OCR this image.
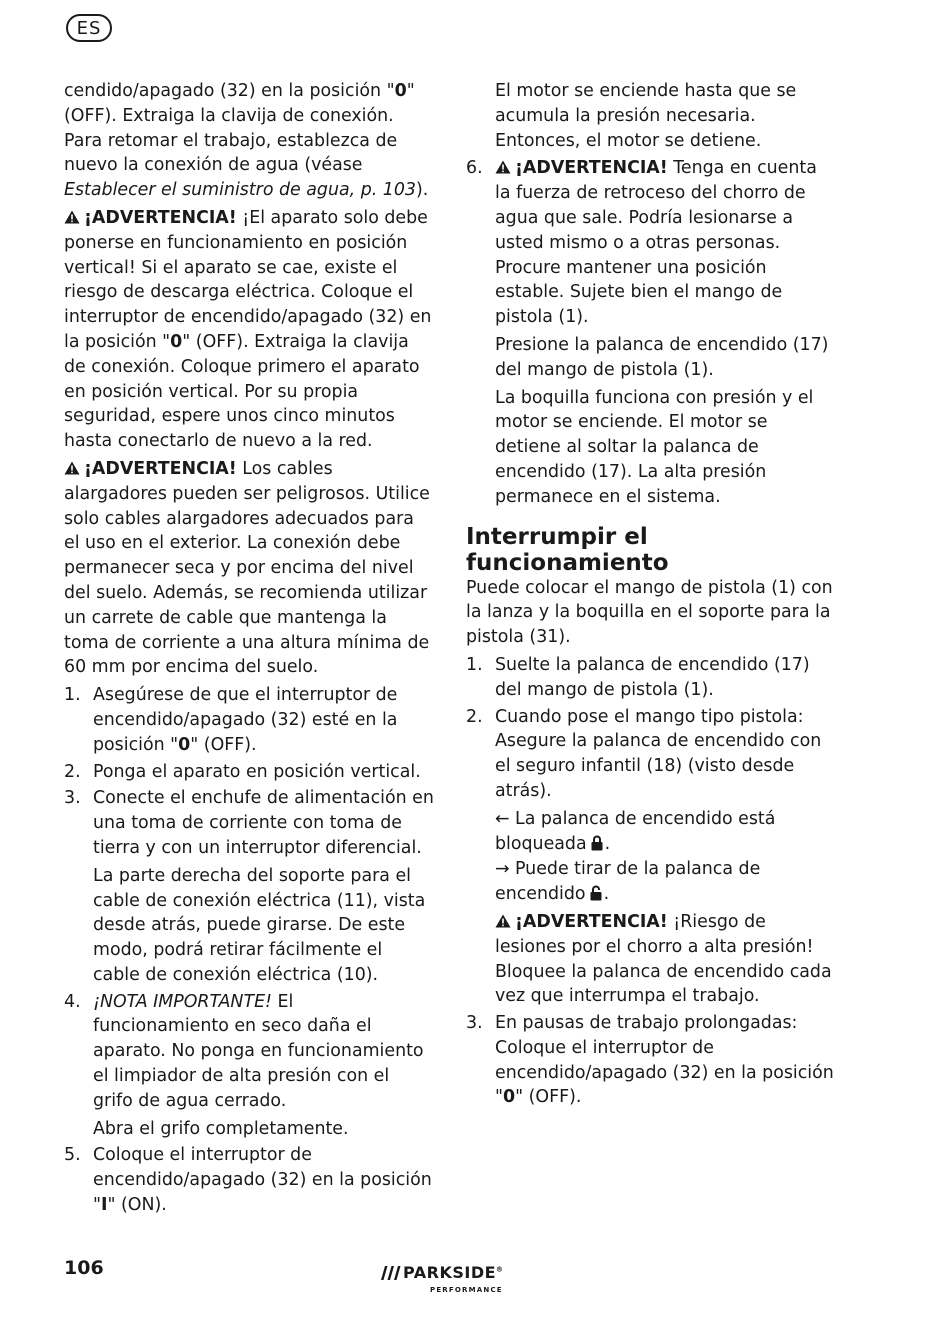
ES

cendido/apagado (32) en la posición "0" (OFF). Extraiga la clavija de conexión. Para retomar el trabajo, establezca de nuevo la conexión de agua (véase Establecer el suministro de agua, p. 103).

¡ADVERTENCIA! ¡El aparato solo debe ponerse en funcionamiento en posición vertical! Si el aparato se cae, existe el riesgo de descarga eléctrica. Coloque el interruptor de encendido/apagado (32) en la posición "0" (OFF). Extraiga la clavija de conexión. Coloque primero el aparato en posición vertical. Por su propia seguridad, espere unos cinco minutos hasta conectarlo de nuevo a la red.

¡ADVERTENCIA! Los cables alargadores pueden ser peligrosos. Utilice solo cables alargadores adecuados para el uso en el exterior. La conexión debe permanecer seca y por encima del nivel del suelo. Además, se recomienda utilizar un carrete de cable que mantenga la toma de corriente a una altura mínima de 60 mm por encima del suelo.

1. Asegúrese de que el interruptor de encendido/apagado (32) esté en la posición "0" (OFF).
2. Ponga el aparato en posición vertical.
3. Conecte el enchufe de alimentación en una toma de corriente con toma de tierra y con un interruptor diferencial.
La parte derecha del soporte para el cable de conexión eléctrica (11), vista desde atrás, puede girarse. De este modo, podrá retirar fácilmente el cable de conexión eléctrica (10).
4. ¡NOTA IMPORTANTE! El funcionamiento en seco daña el aparato. No ponga en funcionamiento el limpiador de alta presión con el grifo de agua cerrado.
Abra el grifo completamente.
5. Coloque el interruptor de encendido/apagado (32) en la posición "I" (ON).

El motor se enciende hasta que se acumula la presión necesaria. Entonces, el motor se detiene.

6. ¡ADVERTENCIA! Tenga en cuenta la fuerza de retroceso del chorro de agua que sale. Podría lesionarse a usted mismo o a otras personas. Procure mantener una posición estable. Sujete bien el mango de pistola (1).
Presione la palanca de encendido (17) del mango de pistola (1).
La boquilla funciona con presión y el motor se enciende. El motor se detiene al soltar la palanca de encendido (17). La alta presión permanece en el sistema.
Interrumpir el funcionamiento

Puede colocar el mango de pistola (1) con la lanza y la boquilla en el soporte para la pistola (31).

1. Suelte la palanca de encendido (17) del mango de pistola (1).
2. Cuando pose el mango tipo pistola: Asegure la palanca de encendido con el seguro infantil (18) (visto desde atrás).
← La palanca de encendido está bloqueada .
→ Puede tirar de la palanca de encendido .
¡ADVERTENCIA! ¡Riesgo de lesiones por el chorro a alta presión! Bloquee la palanca de encendido cada vez que interrumpa el trabajo.
3. En pausas de trabajo prolongadas: Coloque el interruptor de encendido/apagado (32) en la posición "0" (OFF).
106	PARKSIDE®
PERFORMANCE
